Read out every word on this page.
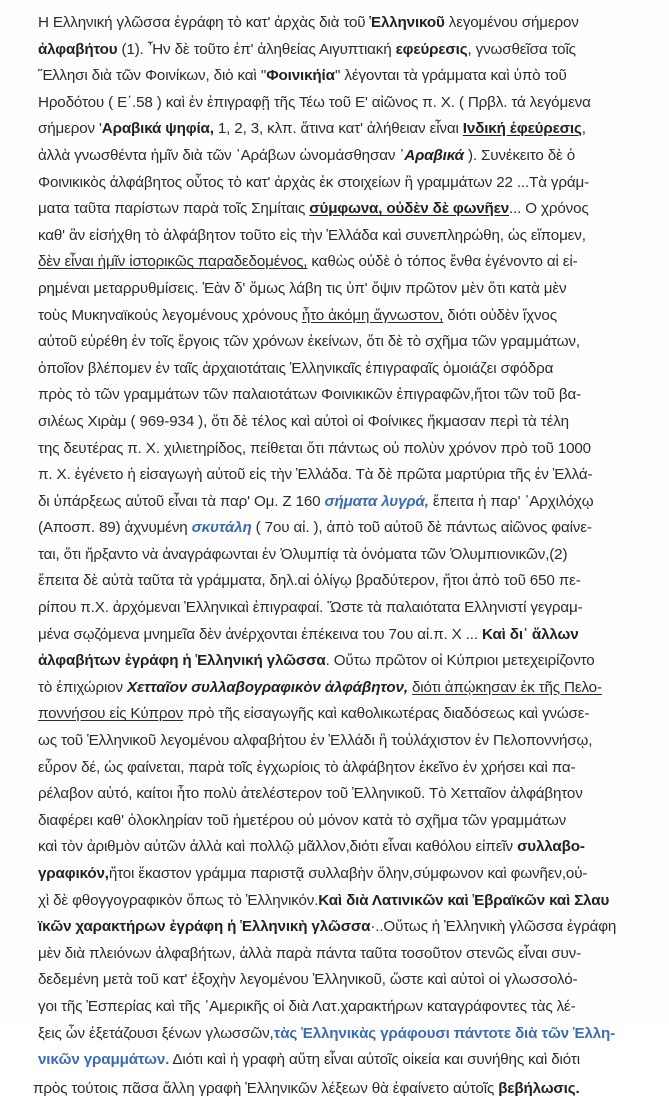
Η Ελληνική γλῶσσα ἐγράφη τὸ κατ' ἀρχὰς διὰ τοῦ Ἑλληνικοῦ λεγομένου σήμερον
ἀλφαβήτου (1). Ἦν δὲ τοῦτο ἐπ' ἀληθείας Αιγυπτιακή εφεύρεσις, γνωσθεῖσα τοῖς
Ἕλλησι διὰ τῶν Φοινίκων, διὸ καὶ ''Φοινικήία'' λέγονται τὰ γράμματα καὶ ὑπὸ τοῦ
Ηροδότου ( Ε΄.58 ) καὶ ἐν ἐπιγραφῇ τῆς Τέω τοῦ Ε' αἰῶνος π. Χ. ( Πρβλ. τά λεγόμενα
σήμερον 'Αραβικά ψηφία, 1, 2, 3, κλπ. ἅτινα κατ' ἀλήθειαν εἶναι Ινδική ἐφεύρεσις,
ἀλλὰ γνωσθέντα ἡμῖν διὰ τῶν ᾿Αράβων ὠνομάσθησαν ᾿Αραβικά ). Συνέκειτο δὲ ὁ
Φοινικικὸς ἀλφάβητος οὗτος τὸ κατ' ἀρχὰς ἐκ στοιχείων ἢ γραμμάτων 22 ...Τὰ γράμ-
ματα ταῦτα παρίστων παρὰ τοῖς Σημίταις σύμφωνα, οὐδὲν δὲ φωνῆεν... Ο χρόνος
καθ' ἂν εἰσήχθη τὸ ἀλφάβητον τοῦτο εἰς τὴν Ἑλλάδα καὶ συνεπληρώθη, ὡς εἴπομεν,
δὲν εἶναι ἡμῖν ἱστορικῶς παραδεδομένος, καθὼς οὐδὲ ὁ τόπος ἔνθα ἐγένοντο αἱ εἰ-
ρημέναι μεταρρυθμίσεις. Ἐὰν δ' ὅμως λάβη τις ὑπ' ὄψιν πρῶτον μὲν ὅτι κατὰ μὲν
τοὺς Μυκηναϊκούς λεγομένους χρόνους ἦτο ἀκόμη ἄγνωστον, διότι οὐδὲν ἴχνος
αὐτοῦ εὑρέθη ἐν τοῖς ἔργοις τῶν χρόνων ἐκείνων, ὅτι δὲ τὸ σχῆμα τῶν γραμμάτων,
ὁποῖον βλέπομεν ἐν ταῖς ἀρχαιοτάταις Ἑλληνικαῖς ἐπιγραφαῖς ὁμοιάζει σφόδρα
πρὸς τὸ τῶν γραμμάτων τῶν παλαιοτάτων Φοινικικῶν ἐπιγραφῶν,ἤτοι τῶν τοῦ βα-
σιλέως Χιρὰμ ( 969-934 ), ὅτι δὲ τέλος καὶ αὐτοὶ οἱ Φοίνικες ἤκμασαν περὶ τὰ τέλη
της δευτέρας π. Χ. χιλιετηρίδος, πείθεται ὅτι πάντως οὐ πολὺν χρόνον πρὸ τοῦ 1000
π. Χ. ἐγένετο ἡ εἰσαγωγὴ αὐτοῦ εἰς τὴν Ἑλλάδα. Τὰ δὲ πρῶτα μαρτύρια τῆς ἐν Ἑλλά-
δι ὑπάρξεως αὐτοῦ εἶναι τὰ παρ' Ομ. Ζ 160 σήματα λυγρά, ἔπειτα ἡ παρ' ᾿Αρχιλόχῳ
(Αποσπ. 89) ἀχνυμένη σκυτάλη ( 7ου αἰ. ), ἀπὸ τοῦ αὐτοῦ δὲ πάντως αἰῶνος φαίνε-
ται, ὅτι ἤρξαντο νὰ ἀναγράφωνται ἐν Ὀλυμπίᾳ τὰ ὀνόματα τῶν Ὀλυμπιονικῶν,(2)
ἔπειτα δὲ αὐτὰ ταῦτα τὰ γράμματα, δηλ.αἰ ὀλίγῳ βραδύτερον, ἤτοι ἀπὸ τοῦ 650 πε-
ρίπου π.Χ. ἀρχόμεναι Ἑλληνικαὶ ἐπιγραφαί. Ὥστε τὰ παλαιότατα Ελληνιστί γεγραμ-
μένα σῳζόμενα μνημεῖα δὲν ἀνέρχονται ἐπέκεινα του 7ου αἰ.π. Χ ... Καὶ δι᾿ ἄλλων
ἀλφαβήτων ἐγράφη ἡ Ἑλληνική γλῶσσα. Οὕτω πρῶτον οἱ Κύπριοι μετεχειρίζοντο
τὸ ἐπιχώριον Χετταῖον συλλαβογραφικὸν ἀλφάβητον, διότι ἀπῴκησαν ἐκ τῆς Πελο-
ποννήσου εἰς Κύπρον πρὸ τῆς εἰσαγωγῆς καὶ καθολικωτέρας διαδόσεως καὶ γνώσε-
ως τοῦ Ἑλληνικοῦ λεγομένου αλφαβήτου ἐν Ἑλλάδι ἢ τοὐλάχιστον ἐν Πελοποννήσῳ,
εὗρον δέ, ὡς φαίνεται, παρὰ τοῖς ἐγχωρίοις τὸ ἀλφάβητον ἐκεῖνο ἐν χρήσει καὶ πα-
ρέλαβον αὐτό, καίτοι ἦτο πολὺ ἀτελέστερον τοῦ Ἑλληνικοῦ. Τὸ Χετταῖον ἀλφάβητον
διαφέρει καθ' ὁλοκληρίαν τοῦ ἡμετέρου οὐ μόνον κατὰ τὸ σχῆμα τῶν γραμμάτων
καὶ τὸν ἀριθμὸν αὐτῶν ἀλλὰ καὶ πολλῷ μᾶλλον,διότι εἶναι καθόλου εἰπεῖν συλλαβο-
γραφικόν,ἤτοι ἕκαστον γράμμα παριστᾷ συλλαβὴν ὅλην,σύμφωνον καὶ φωνῆεν,οὐ-
χὶ δὲ φθογγογραφικὸν ὅπως τὸ Ἑλληνικόν.Καὶ διὰ Λατινικῶν καὶ Ἑβραϊκῶν καὶ Σλαυ
ϊκῶν χαρακτήρων ἐγράφη ἡ Ἑλληνικὴ γλῶσσα·..Οὕτως ἡ Ἑλληνικὴ γλῶσσα ἐγράφη
μὲν διὰ πλειόνων ἀλφαβήτων, ἀλλὰ παρὰ πάντα ταῦτα τοσοῦτον στενῶς εἶναι συν-
δεδεμένη μετὰ τοῦ κατ' ἐξοχὴν λεγομένου Ἑλληνικοῦ, ὥστε καὶ αὐτοὶ οἱ γλωσσολό-
γοι τῆς Ἑσπερίας καὶ τῆς ᾿Αμερικῆς οἱ διὰ Λατ.χαρακτήρων καταγράφοντες τὰς λέ-
ξεις ὧν ἐξετάζουσι ξένων γλωσσῶν,τὰς Ἑλληνικὰς γράφουσι πάντοτε διὰ τῶν Ἑλλη-
νικῶν γραμμάτων. Διότι καὶ ἡ γραφὴ αὕτη εἶναι αὐτοῖς οἰκεία και συνήθης καὶ διότι
πρὸς τούτοις πᾶσα ἄλλη γραφὴ Ἑλληνικῶν λέξεων θὰ ἐφαίνετο αὐτοῖς βεβήλωσις.
